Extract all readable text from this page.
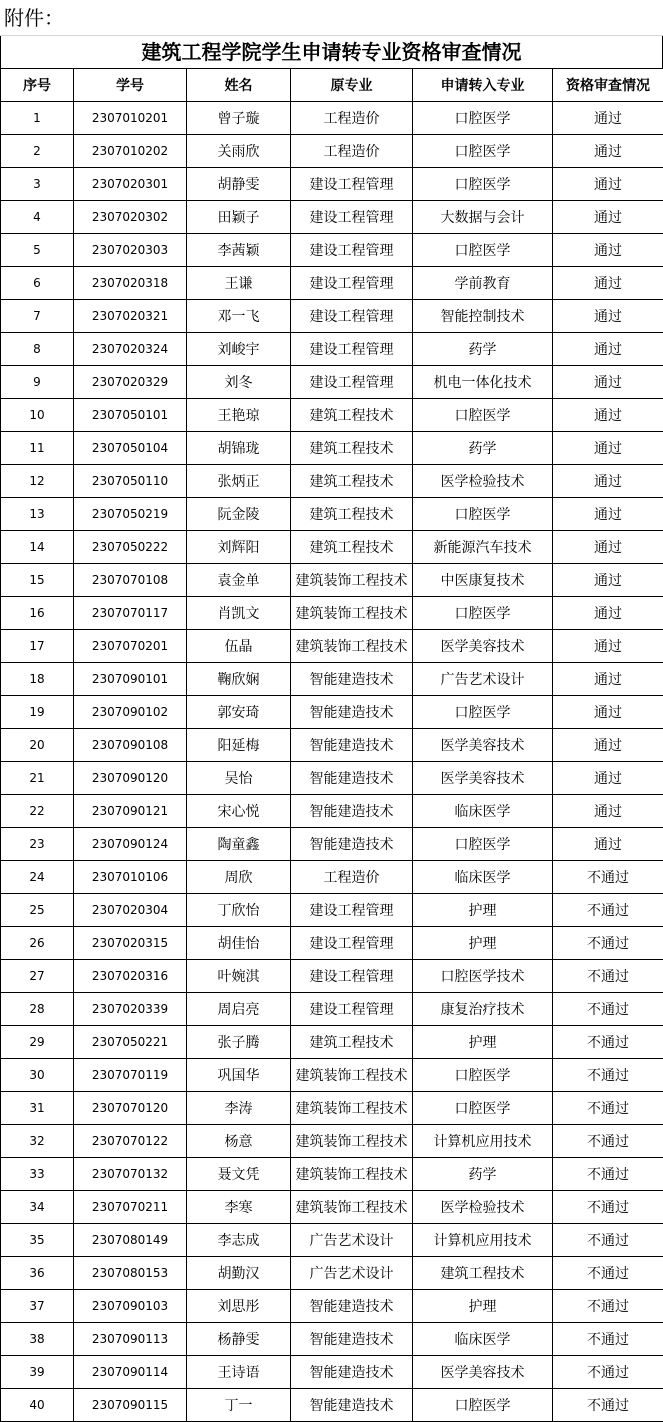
附件：
建筑工程学院学生申请转专业资格审查情况
序号	学号	姓名	原专业	申请转入专业	资格审查情况
1	2307010201	曾子璇	工程造价	口腔医学	通过
2	2307010202	关雨欣	工程造价	口腔医学	通过
3	2307020301	胡静雯	建设工程管理	口腔医学	通过
4	2307020302	田颖子	建设工程管理	大数据与会计	通过
5	2307020303	李茜颖	建设工程管理	口腔医学	通过
6	2307020318	王谦	建设工程管理	学前教育	通过
7	2307020321	邓一飞	建设工程管理	智能控制技术	通过
8	2307020324	刘峻宇	建设工程管理	药学	通过
9	2307020329	刘冬	建设工程管理	机电一体化技术	通过
10	2307050101	王艳琼	建筑工程技术	口腔医学	通过
11	2307050104	胡锦珑	建筑工程技术	药学	通过
12	2307050110	张炳正	建筑工程技术	医学检验技术	通过
13	2307050219	阮金陵	建筑工程技术	口腔医学	通过
14	2307050222	刘辉阳	建筑工程技术	新能源汽车技术	通过
15	2307070108	袁金单	建筑装饰工程技术	中医康复技术	通过
16	2307070117	肖凯文	建筑装饰工程技术	口腔医学	通过
17	2307070201	伍晶	建筑装饰工程技术	医学美容技术	通过
18	2307090101	鞠欣娴	智能建造技术	广告艺术设计	通过
19	2307090102	郭安琦	智能建造技术	口腔医学	通过
20	2307090108	阳延梅	智能建造技术	医学美容技术	通过
21	2307090120	吴怡	智能建造技术	医学美容技术	通过
22	2307090121	宋心悦	智能建造技术	临床医学	通过
23	2307090124	陶童鑫	智能建造技术	口腔医学	通过
24	2307010106	周欣	工程造价	临床医学	不通过
25	2307020304	丁欣怡	建设工程管理	护理	不通过
26	2307020315	胡佳怡	建设工程管理	护理	不通过
27	2307020316	叶婉淇	建设工程管理	口腔医学技术	不通过
28	2307020339	周启亮	建设工程管理	康复治疗技术	不通过
29	2307050221	张子腾	建筑工程技术	护理	不通过
30	2307070119	巩国华	建筑装饰工程技术	口腔医学	不通过
31	2307070120	李涛	建筑装饰工程技术	口腔医学	不通过
32	2307070122	杨意	建筑装饰工程技术	计算机应用技术	不通过
33	2307070132	聂文凭	建筑装饰工程技术	药学	不通过
34	2307070211	李寒	建筑装饰工程技术	医学检验技术	不通过
35	2307080149	李志成	广告艺术设计	计算机应用技术	不通过
36	2307080153	胡勤汉	广告艺术设计	建筑工程技术	不通过
37	2307090103	刘思彤	智能建造技术	护理	不通过
38	2307090113	杨静雯	智能建造技术	临床医学	不通过
39	2307090114	王诗语	智能建造技术	医学美容技术	不通过
40	2307090115	丁一	智能建造技术	口腔医学	不通过
